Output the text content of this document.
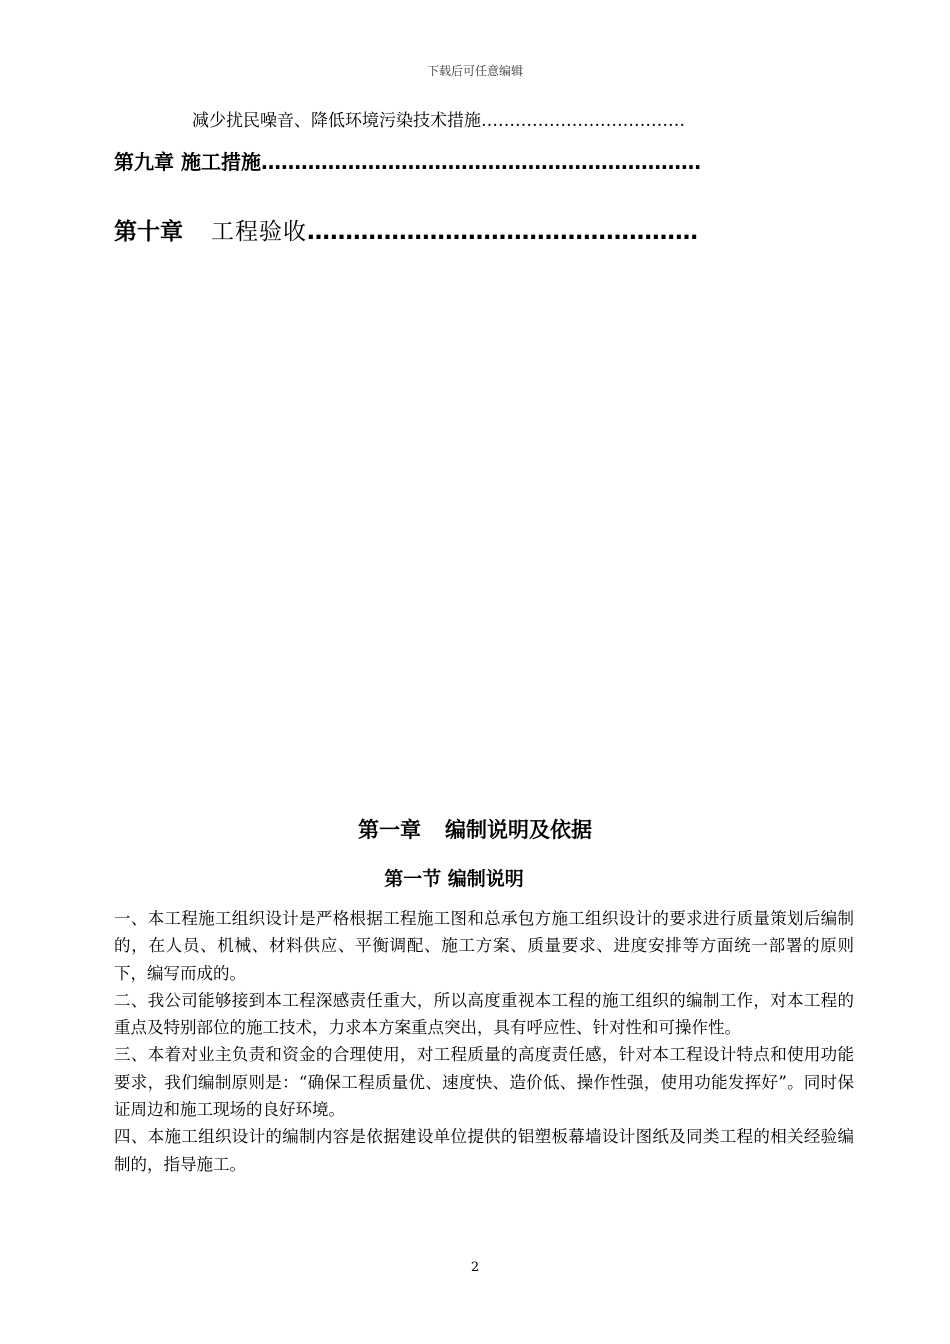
下载后可任意编辑
减少扰民噪音、降低环境污染技术措施………………………………
第九章 施工措施…………………………………………………………
第十章 工程验收……………………………………………
第一章 编制说明及依据
第一节 编制说明

一、本工程施工组织设计是严格根据工程施工图和总承包方施工组织设计的要求进行质量策划后编制的，在人员、机械、材料供应、平衡调配、施工方案、质量要求、进度安排等方面统一部署的原则下，编写而成的。

二、我公司能够接到本工程深感责任重大，所以高度重视本工程的施工组织的编制工作，对本工程的重点及特别部位的施工技术，力求本方案重点突出，具有呼应性、针对性和可操作性。

三、本着对业主负责和资金的合理使用，对工程质量的高度责任感，针对本工程设计特点和使用功能要求，我们编制原则是：“确保工程质量优、速度快、造价低、操作性强，使用功能发挥好”。同时保证周边和施工现场的良好环境。

四、本施工组织设计的编制内容是依据建设单位提供的铝塑板幕墙设计图纸及同类工程的相关经验编制的，指导施工。

2
